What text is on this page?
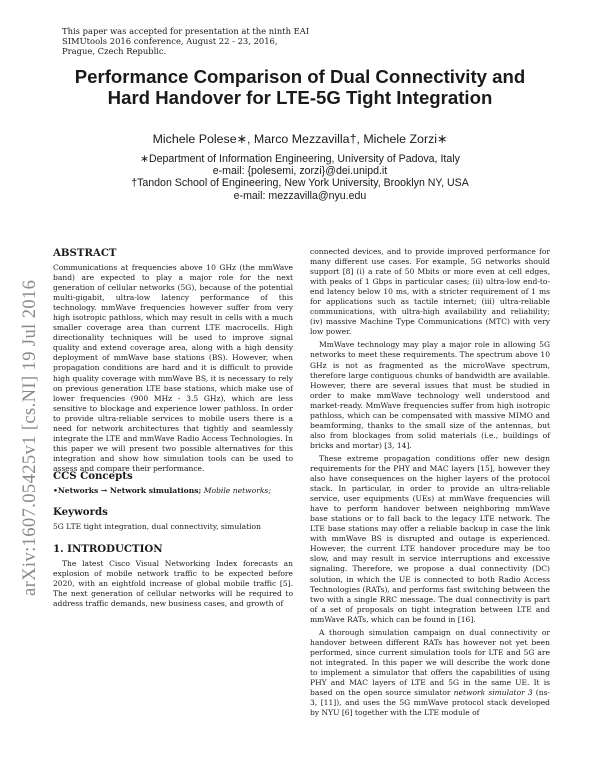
This paper was accepted for presentation at the ninth EAI SIMUtools 2016 conference, August 22 - 23, 2016, Prague, Czech Republic.
Performance Comparison of Dual Connectivity and
Hard Handover for LTE-5G Tight Integration
Michele Polese∗, Marco Mezzavilla†, Michele Zorzi∗
∗Department of Information Engineering, University of Padova, Italy
e-mail: {polesemi, zorzi}@dei.unipd.it
†Tandon School of Engineering, New York University, Brooklyn NY, USA
e-mail: mezzavilla@nyu.edu
arXiv:1607.05425v1 [cs.NI] 19 Jul 2016
ABSTRACT

Communications at frequencies above 10 GHz (the mmWave band) are expected to play a major role for the next generation of cellular networks (5G), because of the potential multi-gigabit, ultra-low latency performance of this technology. mmWave frequencies however suffer from very high isotropic pathloss, which may result in cells with a much smaller coverage area than current LTE macrocells. High directionality techniques will be used to improve signal quality and extend coverage area, along with a high density deployment of mmWave base stations (BS). However, when propagation conditions are hard and it is difficult to provide high quality coverage with mmWave BS, it is necessary to rely on previous generation LTE base stations, which make use of lower frequencies (900 MHz - 3.5 GHz), which are less sensitive to blockage and experience lower pathloss. In order to provide ultra-reliable services to mobile users there is a need for network architectures that tightly and seamlessly integrate the LTE and mmWave Radio Access Technologies. In this paper we will present two possible alternatives for this integration and show how simulation tools can be used to assess and compare their performance.

CCS Concepts
•Networks → Network simulations; Mobile networks;
Keywords

5G LTE tight integration, dual connectivity, simulation

1. INTRODUCTION

The latest Cisco Visual Networking Index forecasts an explosion of mobile network traffic to be expected before 2020, with an eightfold increase of global mobile traffic [5]. The next generation of cellular networks will be required to address traffic demands, new business cases, and growth of

connected devices, and to provide improved performance for many different use cases. For example, 5G networks should support [8] (i) a rate of 50 Mbits or more even at cell edges, with peaks of 1 Gbps in particular cases; (ii) ultra-low end-to-end latency below 10 ms, with a stricter requirement of 1 ms for applications such as tactile internet; (iii) ultra-reliable communications, with ultra-high availability and reliability; (iv) massive Machine Type Communications (MTC) with very low power.

MmWave technology may play a major role in allowing 5G networks to meet these requirements. The spectrum above 10 GHz is not as fragmented as the microWave spectrum, therefore large contiguous chunks of bandwidth are available. However, there are several issues that must be studied in order to make mmWave technology well understood and market-ready. MmWave frequencies suffer from high isotropic pathloss, which can be compensated with massive MIMO and beamforming, thanks to the small size of the antennas, but also from blockages from solid materials (i.e., buildings of bricks and mortar) [3, 14].

These extreme propagation conditions offer new design requirements for the PHY and MAC layers [15], however they also have consequences on the higher layers of the protocol stack. In particular, in order to provide an ultra-reliable service, user equipments (UEs) at mmWave frequencies will have to perform handover between neighboring mmWave base stations or to fall back to the legacy LTE network. The LTE base stations may offer a reliable backup in case the link with mmWave BS is disrupted and outage is experienced. However, the current LTE handover procedure may be too slow, and may result in service interruptions and excessive signaling. Therefore, we propose a dual connectivity (DC) solution, in which the UE is connected to both Radio Access Technologies (RATs), and performs fast switching between the two with a single RRC message. The dual connectivity is part of a set of proposals on tight integration between LTE and mmWave RATs, which can be found in [16].

A thorough simulation campaign on dual connectivity or handover between different RATs has however not yet been performed, since current simulation tools for LTE and 5G are not integrated. In this paper we will describe the work done to implement a simulator that offers the capabilities of using PHY and MAC layers of LTE and 5G in the same UE. It is based on the open source simulator network simulator 3 (ns-3, [11]), and uses the 5G mmWave protocol stack developed by NYU [6] together with the LTE module of
